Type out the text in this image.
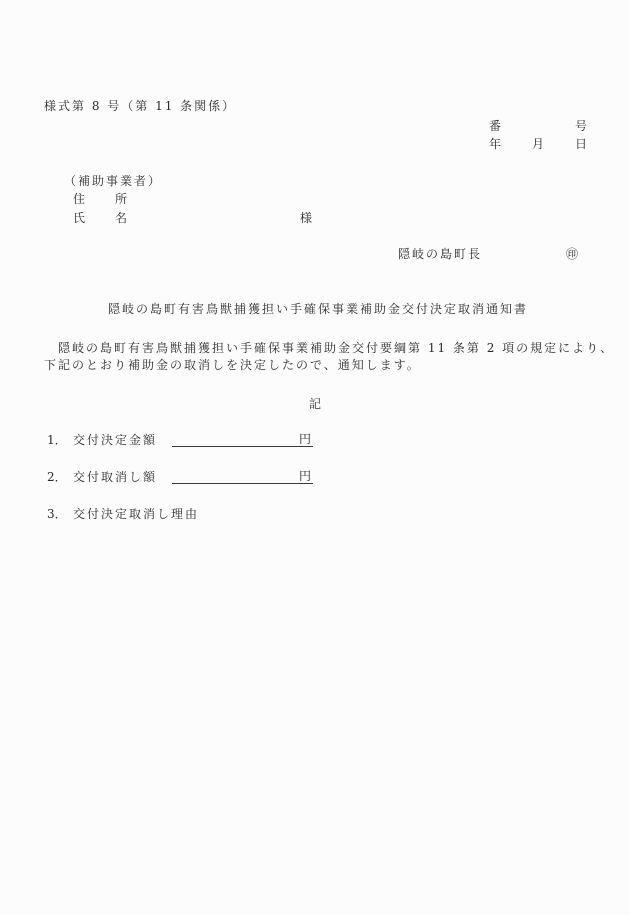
様式第 8 号（第 11 条関係）
番	号
年	月	日
（補助事業者）
住 所
氏 名	様
隠岐の島町長	㊞
隠岐の島町有害鳥獣捕獲担い手確保事業補助金交付決定取消通知書
隠岐の島町有害鳥獣捕獲担い手確保事業補助金交付要綱第 11 条第 2 項の規定により、
下記のとおり補助金の取消しを決定したので、通知します。
記
1． 交付決定金額	円
2． 交付取消し額	円
3． 交付決定取消し理由
